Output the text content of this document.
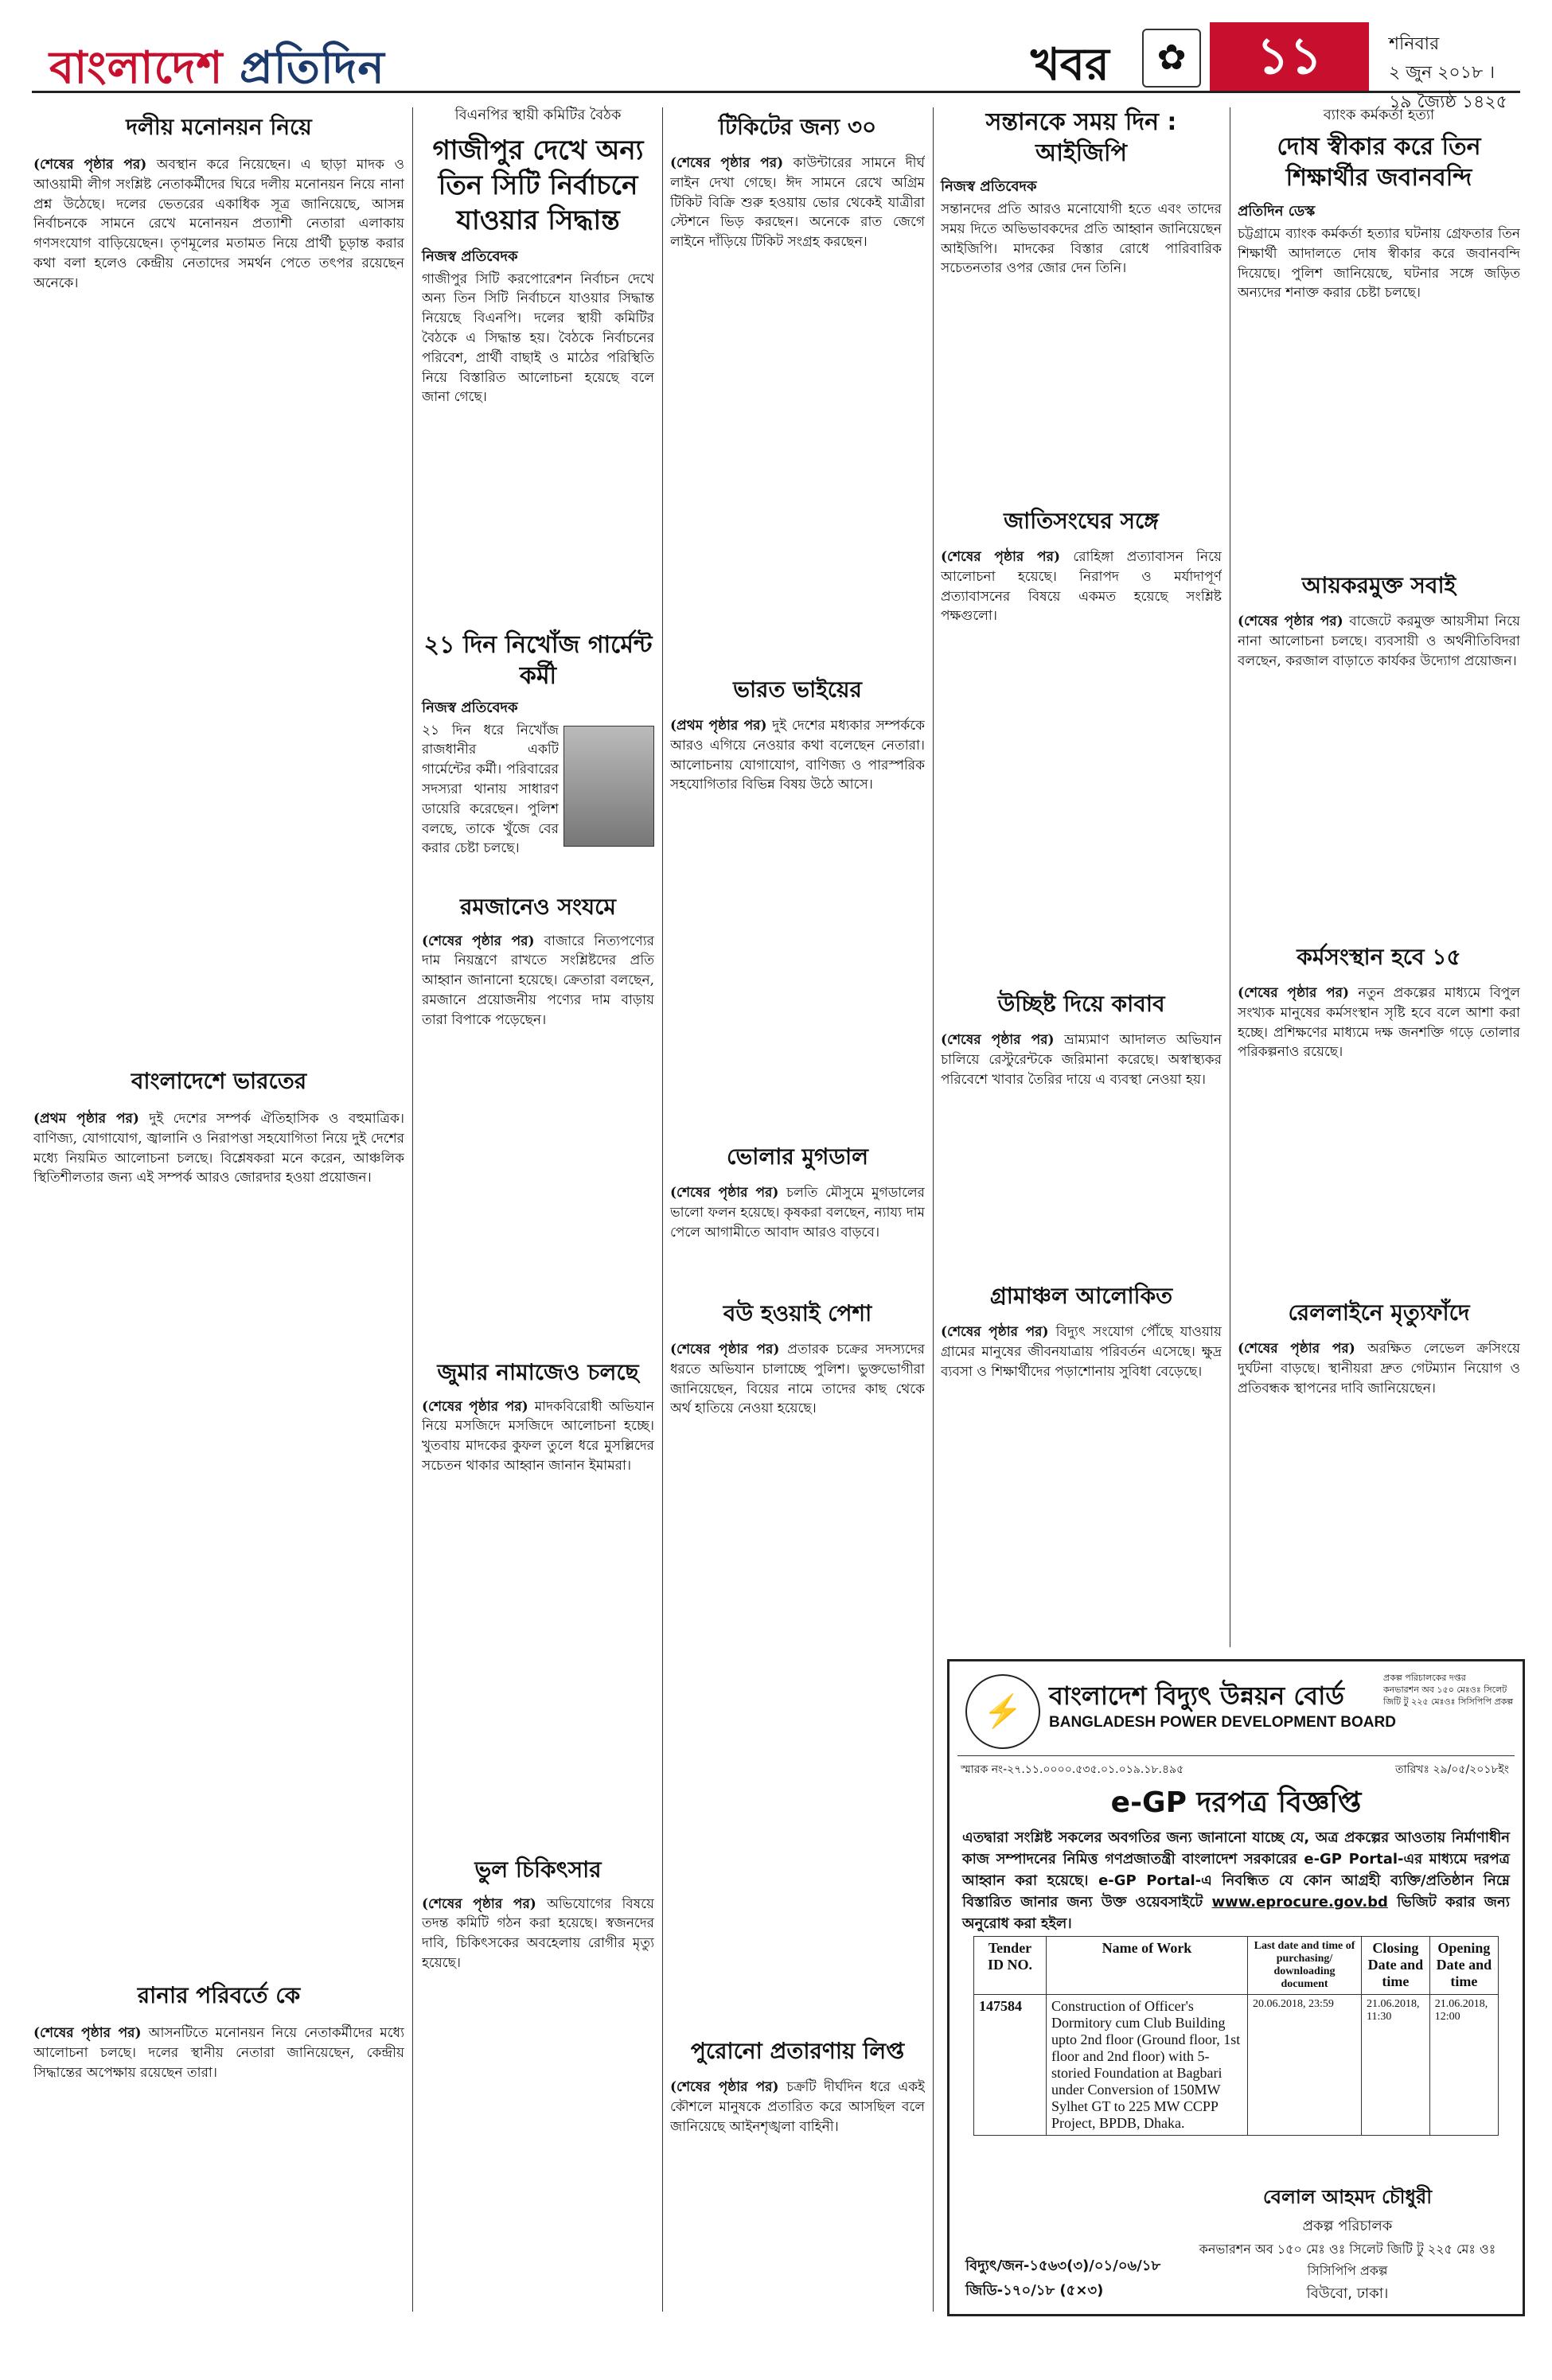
বাংলাদেশ প্রতিদিন	খবর	✿	১১	শনিবার
২ জুন ২০১৮ । ১৯ জ্যৈষ্ঠ ১৪২৫
দলীয় মনোনয়ন নিয়ে

(শেষের পৃষ্ঠার পর) অবস্থান করে নিয়েছেন। এ ছাড়া মাদক ও আওয়ামী লীগ সংশ্লিষ্ট নেতাকর্মীদের ঘিরে দলীয় মনোনয়ন নিয়ে নানা প্রশ্ন উঠেছে। দলের ভেতরের একাধিক সূত্র জানিয়েছে, আসন্ন নির্বাচনকে সামনে রেখে মনোনয়ন প্রত্যাশী নেতারা এলাকায় গণসংযোগ বাড়িয়েছেন। তৃণমূলের মতামত নিয়ে প্রার্থী চূড়ান্ত করার কথা বলা হলেও কেন্দ্রীয় নেতাদের সমর্থন পেতে তৎপর রয়েছেন অনেকে।

বাংলাদেশে ভারতের

(প্রথম পৃষ্ঠার পর) দুই দেশের সম্পর্ক ঐতিহাসিক ও বহুমাত্রিক। বাণিজ্য, যোগাযোগ, জ্বালানি ও নিরাপত্তা সহযোগিতা নিয়ে দুই দেশের মধ্যে নিয়মিত আলোচনা চলছে। বিশ্লেষকরা মনে করেন, আঞ্চলিক স্থিতিশীলতার জন্য এই সম্পর্ক আরও জোরদার হওয়া প্রয়োজন।

রানার পরিবর্তে কে

(শেষের পৃষ্ঠার পর) আসনটিতে মনোনয়ন নিয়ে নেতাকর্মীদের মধ্যে আলোচনা চলছে। দলের স্থানীয় নেতারা জানিয়েছেন, কেন্দ্রীয় সিদ্ধান্তের অপেক্ষায় রয়েছেন তারা।

বিএনপির স্থায়ী কমিটির বৈঠক
গাজীপুর দেখে অন্য তিন সিটি নির্বাচনে যাওয়ার সিদ্ধান্ত
নিজস্ব প্রতিবেদক

গাজীপুর সিটি করপোরেশন নির্বাচন দেখে অন্য তিন সিটি নির্বাচনে যাওয়ার সিদ্ধান্ত নিয়েছে বিএনপি। দলের স্থায়ী কমিটির বৈঠকে এ সিদ্ধান্ত হয়। বৈঠকে নির্বাচনের পরিবেশ, প্রার্থী বাছাই ও মাঠের পরিস্থিতি নিয়ে বিস্তারিত আলোচনা হয়েছে বলে জানা গেছে।

২১ দিন নিখোঁজ গার্মেন্ট কর্মী
নিজস্ব প্রতিবেদক

২১ দিন ধরে নিখোঁজ রাজধানীর একটি গার্মেন্টের কর্মী। পরিবারের সদস্যরা থানায় সাধারণ ডায়েরি করেছেন। পুলিশ বলছে, তাকে খুঁজে বের করার চেষ্টা চলছে।

রমজানেও সংযমে

(শেষের পৃষ্ঠার পর) বাজারে নিত্যপণ্যের দাম নিয়ন্ত্রণে রাখতে সংশ্লিষ্টদের প্রতি আহ্বান জানানো হয়েছে। ক্রেতারা বলছেন, রমজানে প্রয়োজনীয় পণ্যের দাম বাড়ায় তারা বিপাকে পড়েছেন।

জুমার নামাজেও চলছে

(শেষের পৃষ্ঠার পর) মাদকবিরোধী অভিযান নিয়ে মসজিদে মসজিদে আলোচনা হচ্ছে। খুতবায় মাদকের কুফল তুলে ধরে মুসল্লিদের সচেতন থাকার আহ্বান জানান ইমামরা।

ভুল চিকিৎসার

(শেষের পৃষ্ঠার পর) অভিযোগের বিষয়ে তদন্ত কমিটি গঠন করা হয়েছে। স্বজনদের দাবি, চিকিৎসকের অবহেলায় রোগীর মৃত্যু হয়েছে।

টিকিটের জন্য ৩০

(শেষের পৃষ্ঠার পর) কাউন্টারের সামনে দীর্ঘ লাইন দেখা গেছে। ঈদ সামনে রেখে অগ্রিম টিকিট বিক্রি শুরু হওয়ায় ভোর থেকেই যাত্রীরা স্টেশনে ভিড় করছেন। অনেকে রাত জেগে লাইনে দাঁড়িয়ে টিকিট সংগ্রহ করছেন।

ভারত ভাইয়ের

(প্রথম পৃষ্ঠার পর) দুই দেশের মধ্যকার সম্পর্ককে আরও এগিয়ে নেওয়ার কথা বলেছেন নেতারা। আলোচনায় যোগাযোগ, বাণিজ্য ও পারস্পরিক সহযোগিতার বিভিন্ন বিষয় উঠে আসে।

ভোলার মুগডাল

(শেষের পৃষ্ঠার পর) চলতি মৌসুমে মুগডালের ভালো ফলন হয়েছে। কৃষকরা বলছেন, ন্যায্য দাম পেলে আগামীতে আবাদ আরও বাড়বে।

বউ হওয়াই পেশা

(শেষের পৃষ্ঠার পর) প্রতারক চক্রের সদস্যদের ধরতে অভিযান চালাচ্ছে পুলিশ। ভুক্তভোগীরা জানিয়েছেন, বিয়ের নামে তাদের কাছ থেকে অর্থ হাতিয়ে নেওয়া হয়েছে।

পুরোনো প্রতারণায় লিপ্ত

(শেষের পৃষ্ঠার পর) চক্রটি দীর্ঘদিন ধরে একই কৌশলে মানুষকে প্রতারিত করে আসছিল বলে জানিয়েছে আইনশৃঙ্খলা বাহিনী।

সন্তানকে সময় দিন : আইজিপি
নিজস্ব প্রতিবেদক

সন্তানদের প্রতি আরও মনোযোগী হতে এবং তাদের সময় দিতে অভিভাবকদের প্রতি আহ্বান জানিয়েছেন আইজিপি। মাদকের বিস্তার রোধে পারিবারিক সচেতনতার ওপর জোর দেন তিনি।

জাতিসংঘের সঙ্গে

(শেষের পৃষ্ঠার পর) রোহিঙ্গা প্রত্যাবাসন নিয়ে আলোচনা হয়েছে। নিরাপদ ও মর্যাদাপূর্ণ প্রত্যাবাসনের বিষয়ে একমত হয়েছে সংশ্লিষ্ট পক্ষগুলো।

উচ্ছিষ্ট দিয়ে কাবাব

(শেষের পৃষ্ঠার পর) ভ্রাম্যমাণ আদালত অভিযান চালিয়ে রেস্টুরেন্টকে জরিমানা করেছে। অস্বাস্থ্যকর পরিবেশে খাবার তৈরির দায়ে এ ব্যবস্থা নেওয়া হয়।

গ্রামাঞ্চল আলোকিত

(শেষের পৃষ্ঠার পর) বিদ্যুৎ সংযোগ পৌঁছে যাওয়ায় গ্রামের মানুষের জীবনযাত্রায় পরিবর্তন এসেছে। ক্ষুদ্র ব্যবসা ও শিক্ষার্থীদের পড়াশোনায় সুবিধা বেড়েছে।

ব্যাংক কর্মকর্তা হত্যা
দোষ স্বীকার করে তিন শিক্ষার্থীর জবানবন্দি
প্রতিদিন ডেস্ক

চট্টগ্রামে ব্যাংক কর্মকর্তা হত্যার ঘটনায় গ্রেফতার তিন শিক্ষার্থী আদালতে দোষ স্বীকার করে জবানবন্দি দিয়েছে। পুলিশ জানিয়েছে, ঘটনার সঙ্গে জড়িত অন্যদের শনাক্ত করার চেষ্টা চলছে।

আয়করমুক্ত সবাই

(শেষের পৃষ্ঠার পর) বাজেটে করমুক্ত আয়সীমা নিয়ে নানা আলোচনা চলছে। ব্যবসায়ী ও অর্থনীতিবিদরা বলছেন, করজাল বাড়াতে কার্যকর উদ্যোগ প্রয়োজন।

কর্মসংস্থান হবে ১৫

(শেষের পৃষ্ঠার পর) নতুন প্রকল্পের মাধ্যমে বিপুল সংখ্যক মানুষের কর্মসংস্থান সৃষ্টি হবে বলে আশা করা হচ্ছে। প্রশিক্ষণের মাধ্যমে দক্ষ জনশক্তি গড়ে তোলার পরিকল্পনাও রয়েছে।

রেললাইনে মৃত্যুফাঁদে

(শেষের পৃষ্ঠার পর) অরক্ষিত লেভেল ক্রসিংয়ে দুর্ঘটনা বাড়ছে। স্থানীয়রা দ্রুত গেটম্যান নিয়োগ ও প্রতিবন্ধক স্থাপনের দাবি জানিয়েছেন।

⚡	বাংলাদেশ বিদ্যুৎ উন্নয়ন বোর্ড
BANGLADESH POWER DEVELOPMENT BOARD
প্রকল্প পরিচালকের দপ্তর
কনভারশন অব ১৫০ মেঃওঃ সিলেট জিটি টু ২২৫ মেঃওঃ সিসিপিপি প্রকল্প
স্মারক নং-২৭.১১.০০০০.৫৩৫.০১.০১৯.১৮.৪৯৫	তারিখঃ ২৯/০৫/২০১৮ইং
e-GP দরপত্র বিজ্ঞপ্তি
এতদ্বারা সংশ্লিষ্ট সকলের অবগতির জন্য জানানো যাচ্ছে যে, অত্র প্রকল্পের আওতায় নির্মাণাধীন কাজ সম্পাদনের নিমিত্ত গণপ্রজাতন্ত্রী বাংলাদেশ সরকারের e-GP Portal-এর মাধ্যমে দরপত্র আহ্বান করা হয়েছে। e-GP Portal-এ নিবন্ধিত যে কোন আগ্রহী ব্যক্তি/প্রতিষ্ঠান নিম্নে বিস্তারিত জানার জন্য উক্ত ওয়েবসাইটে www.eprocure.gov.bd ভিজিট করার জন্য অনুরোধ করা হইল।
Tender ID NO.	Name of Work	Last date and time of purchasing/ downloading document	Closing Date and time	Opening Date and time
147584	Construction of Officer's Dormitory cum Club Building upto 2nd floor (Ground floor, 1st floor and 2nd floor) with 5-storied Foundation at Bagbari under Conversion of 150MW Sylhet GT to 225 MW CCPP Project, BPDB, Dhaka.	20.06.2018, 23:59	21.06.2018, 11:30	21.06.2018, 12:00
বেলাল আহমদ চৌধুরী
প্রকল্প পরিচালক
কনভারশন অব ১৫০ মেঃ ওঃ সিলেট জিটি টু ২২৫ মেঃ ওঃ সিসিপিপি প্রকল্প
বিউবো, ঢাকা।
বিদ্যুৎ/জন-১৫৬৩(৩)/০১/০৬/১৮
জিডি-১৭০/১৮ (৫×৩)
